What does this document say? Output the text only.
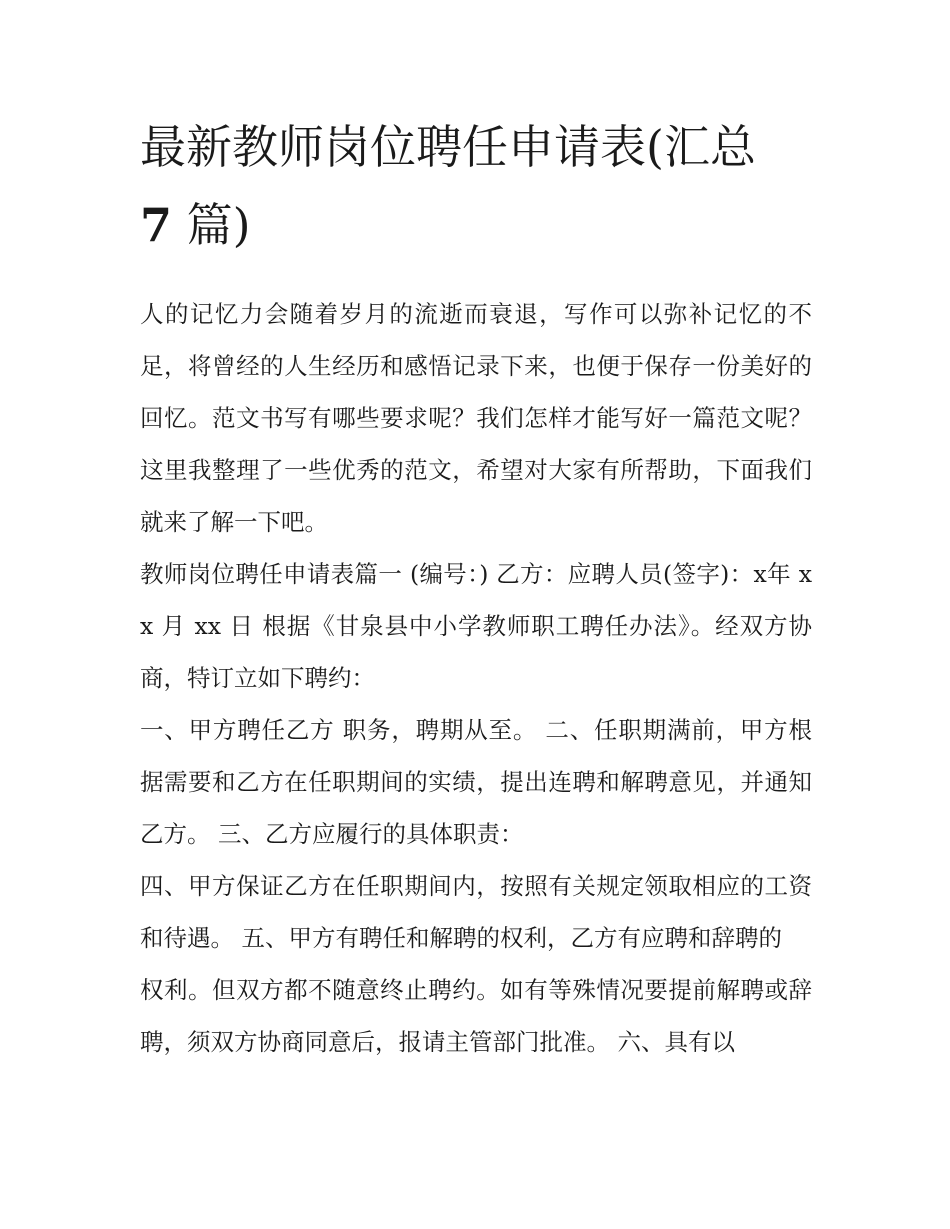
最新教师岗位聘任申请表(汇总
7 篇)

人的记忆力会随着岁月的流逝而衰退，写作可以弥补记忆的不足，将曾经的人生经历和感悟记录下来，也便于保存一份美好的回忆。范文书写有哪些要求呢？我们怎样才能写好一篇范文呢？这里我整理了一些优秀的范文，希望对大家有所帮助，下面我们就来了解一下吧。

教师岗位聘任申请表篇一 (编号：) 乙方：应聘人员(签字)：x年 xx 月 xx 日 根据《甘泉县中小学教师职工聘任办法》。经双方协商，特订立如下聘约：

一、甲方聘任乙方 职务，聘期从至。 二、任职期满前，甲方根据需要和乙方在任职期间的实绩，提出连聘和解聘意见，并通知乙方。 三、乙方应履行的具体职责：

四、甲方保证乙方在任职期间内，按照有关规定领取相应的工资和待遇。 五、甲方有聘任和解聘的权利，乙方有应聘和辞聘的

权利。但双方都不随意终止聘约。如有等殊情况要提前解聘或辞聘，须双方协商同意后，报请主管部门批准。 六、具有以
